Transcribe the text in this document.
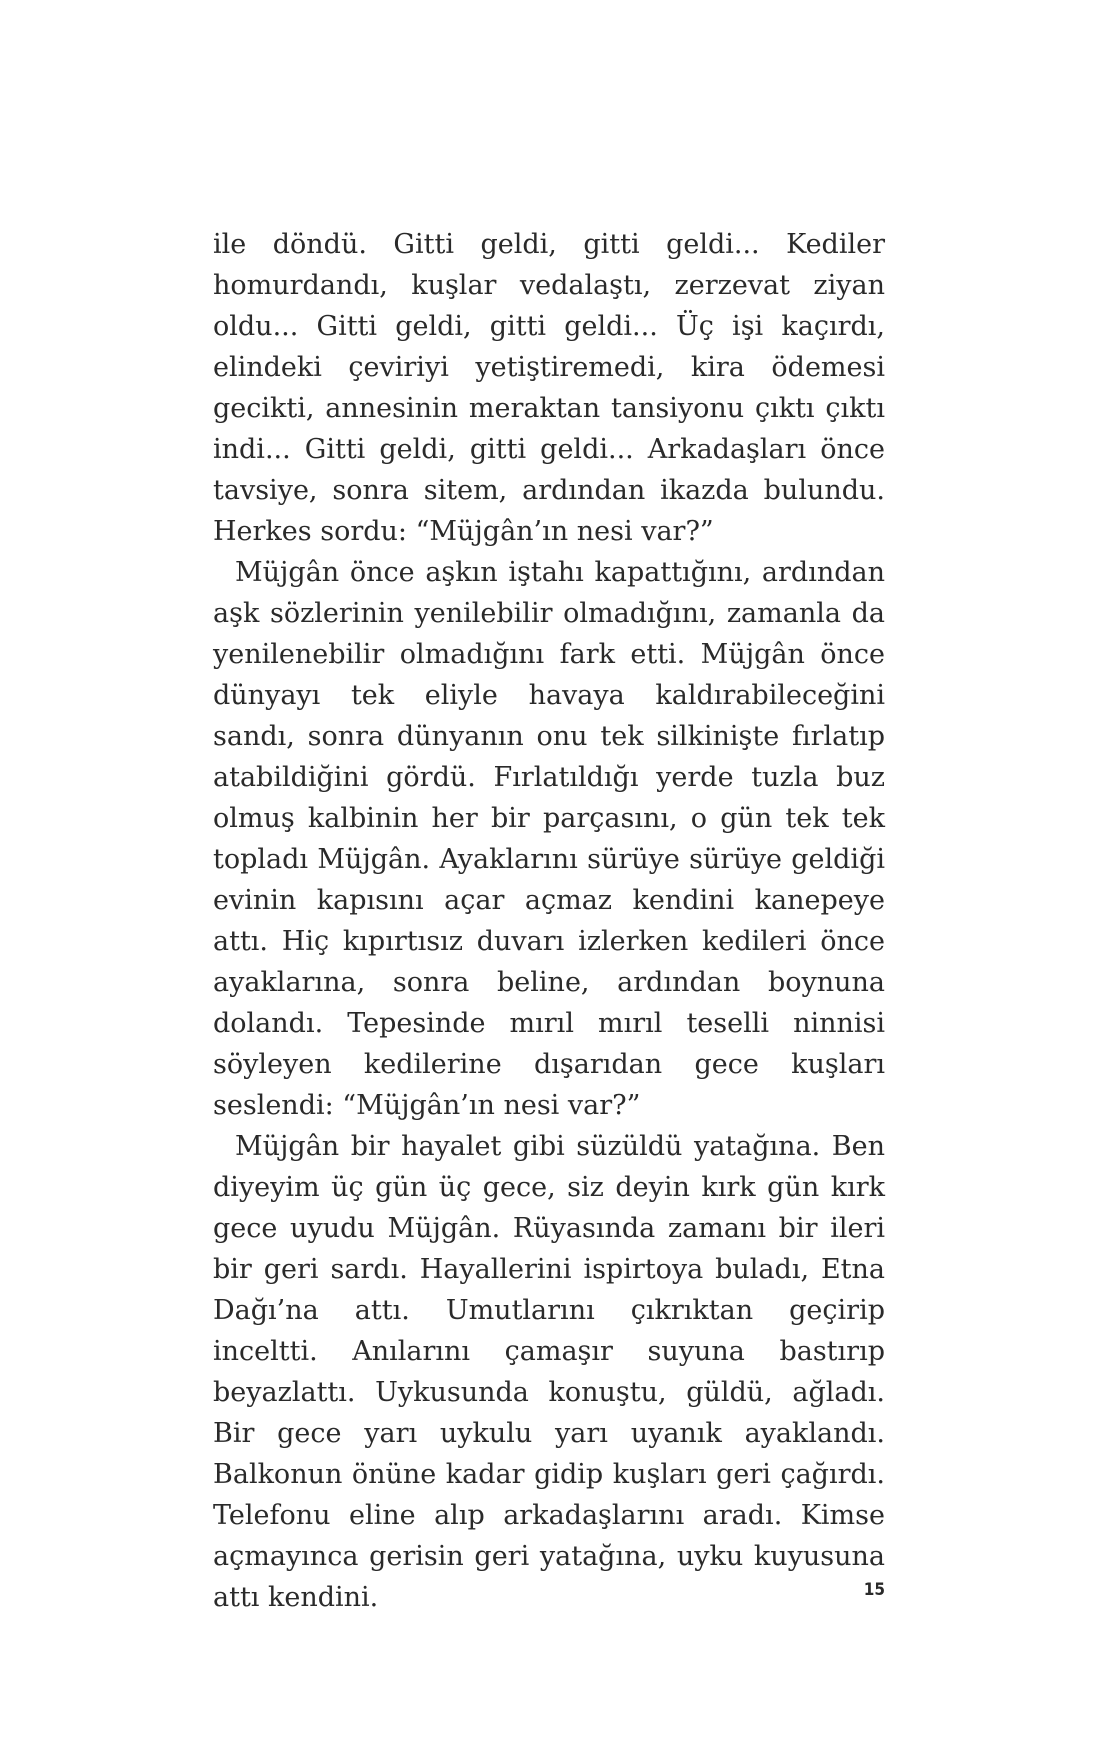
ile döndü. Gitti geldi, gitti geldi... Kediler homurdandı, kuşlar vedalaştı, zerzevat ziyan oldu... Gitti geldi, gitti geldi... Üç işi kaçırdı, elindeki çeviriyi yetiştiremedi, kira ödemesi gecikti, annesinin meraktan tansiyonu çıktı çıktı indi... Gitti geldi, gitti geldi... Arkadaşları önce tavsiye, sonra sitem, ardından ikazda bulundu. Herkes sordu: “Müjgân’ın nesi var?”

Müjgân önce aşkın iştahı kapattığını, ardından aşk sözlerinin yenilebilir olmadığını, zamanla da yenilenebilir olmadığını fark etti. Müjgân önce dünyayı tek eliyle havaya kaldırabileceğini sandı, sonra dünyanın onu tek silkinişte fırlatıp atabildiğini gördü. Fırlatıldığı yerde tuzla buz olmuş kalbinin her bir parçasını, o gün tek tek topladı Müjgân. Ayaklarını sürüye sürüye geldiği evinin kapısını açar açmaz kendini kanepeye attı. Hiç kıpırtısız duvarı izlerken kedileri önce ayaklarına, sonra beline, ardından boynuna dolandı. Tepesinde mırıl mırıl teselli ninnisi söyleyen kedilerine dışarıdan gece kuşları seslendi: “Müjgân’ın nesi var?”

Müjgân bir hayalet gibi süzüldü yatağına. Ben diyeyim üç gün üç gece, siz deyin kırk gün kırk gece uyudu Müjgân. Rüyasında zamanı bir ileri bir geri sardı. Hayallerini ispirtoya buladı, Etna Dağı’na attı. Umutlarını çıkrıktan geçirip inceltti. Anılarını çamaşır suyuna bastırıp beyazlattı. Uykusunda konuştu, güldü, ağladı. Bir gece yarı uykulu yarı uyanık ayaklandı. Balkonun önüne kadar gidip kuşları geri çağırdı. Telefonu eline alıp arkadaşlarını aradı. Kimse açmayınca gerisin geri yatağına, uyku kuyusuna attı kendini.	15
